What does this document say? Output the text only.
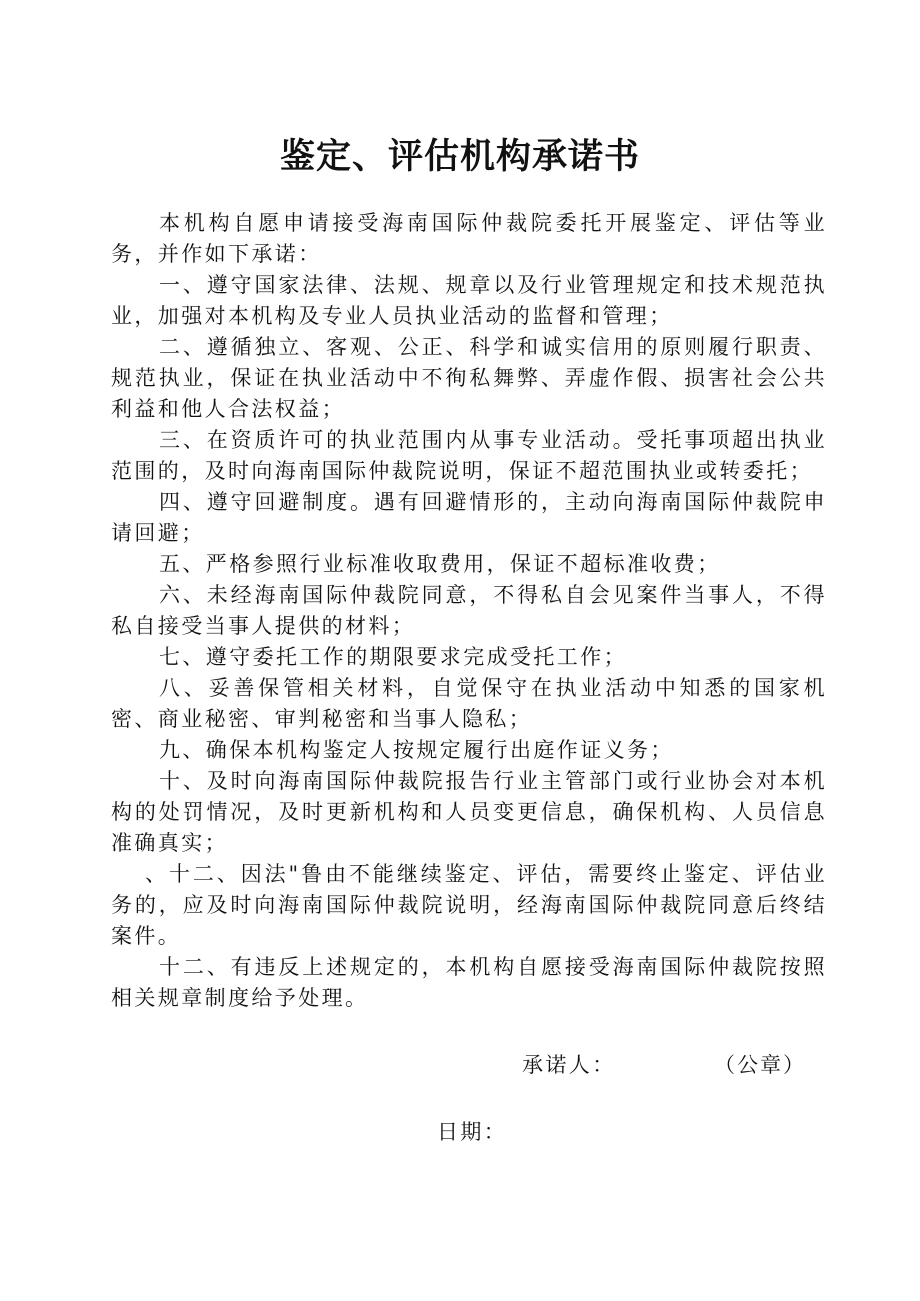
鉴定、评估机构承诺书

本机构自愿申请接受海南国际仲裁院委托开展鉴定、评估等业务，并作如下承诺：

一、遵守国家法律、法规、规章以及行业管理规定和技术规范执业，加强对本机构及专业人员执业活动的监督和管理；

二、遵循独立、客观、公正、科学和诚实信用的原则履行职责、规范执业，保证在执业活动中不徇私舞弊、弄虚作假、损害社会公共利益和他人合法权益；

三、在资质许可的执业范围内从事专业活动。受托事项超出执业范围的，及时向海南国际仲裁院说明，保证不超范围执业或转委托；

四、遵守回避制度。遇有回避情形的，主动向海南国际仲裁院申请回避；

五、严格参照行业标准收取费用，保证不超标准收费；

六、未经海南国际仲裁院同意，不得私自会见案件当事人，不得私自接受当事人提供的材料；

七、遵守委托工作的期限要求完成受托工作；

八、妥善保管相关材料，自觉保守在执业活动中知悉的国家机密、商业秘密、审判秘密和当事人隐私；

九、确保本机构鉴定人按规定履行出庭作证义务；

十、及时向海南国际仲裁院报告行业主管部门或行业协会对本机构的处罚情况，及时更新机构和人员变更信息，确保机构、人员信息准确真实；

、十二、因法"鲁由不能继续鉴定、评估，需要终止鉴定、评估业务的，应及时向海南国际仲裁院说明，经海南国际仲裁院同意后终结案件。

十二、有违反上述规定的，本机构自愿接受海南国际仲裁院按照相关规章制度给予处理。

承诺人：	（公章）
日期：
